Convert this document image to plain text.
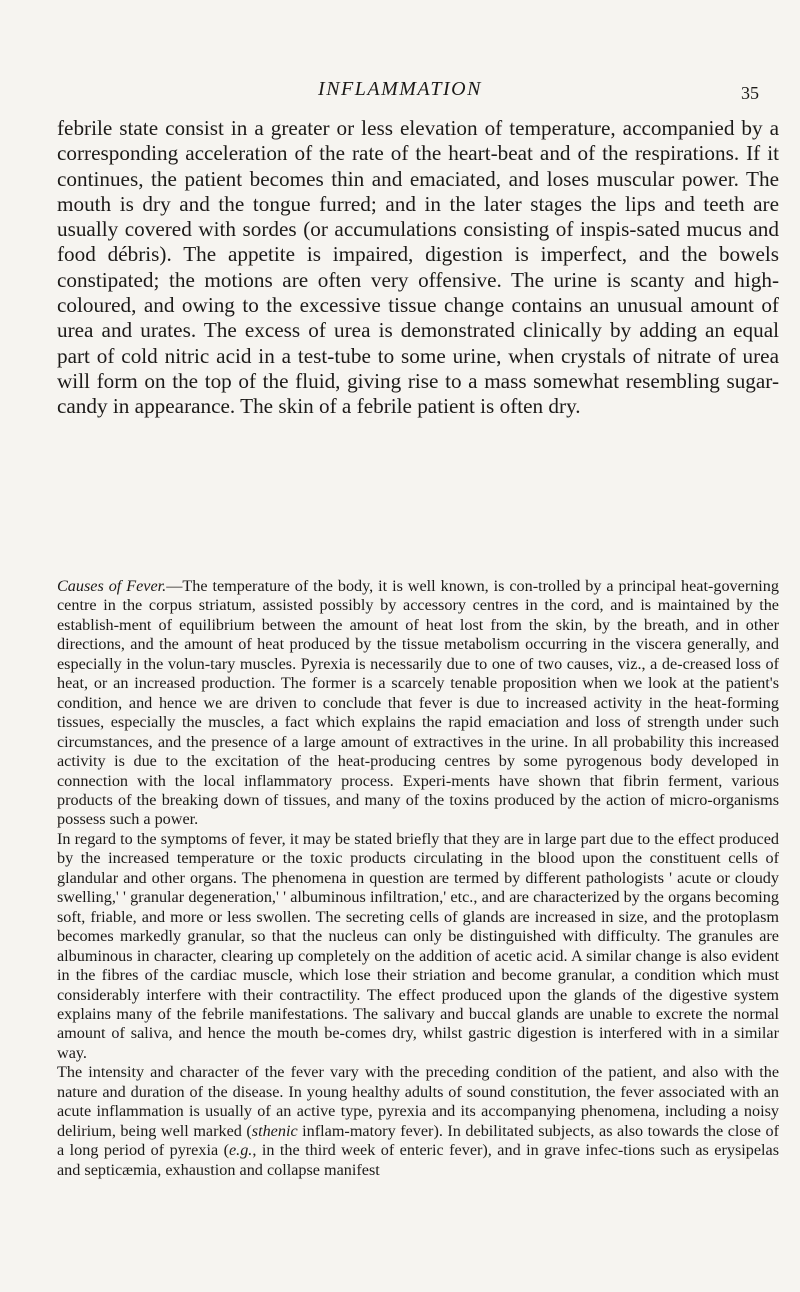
INFLAMMATION	35

febrile state consist in a greater or less elevation of temperature, accompanied by a corresponding acceleration of the rate of the heart-beat and of the respirations. If it continues, the patient becomes thin and emaciated, and loses muscular power. The mouth is dry and the tongue furred; and in the later stages the lips and teeth are usually covered with sordes (or accumulations consisting of inspis-sated mucus and food débris). The appetite is impaired, digestion is imperfect, and the bowels constipated; the motions are often very offensive. The urine is scanty and high-coloured, and owing to the excessive tissue change contains an unusual amount of urea and urates. The excess of urea is demonstrated clinically by adding an equal part of cold nitric acid in a test-tube to some urine, when crystals of nitrate of urea will form on the top of the fluid, giving rise to a mass somewhat resembling sugar-candy in appearance. The skin of a febrile patient is often dry.

Causes of Fever.—The temperature of the body, it is well known, is con-trolled by a principal heat-governing centre in the corpus striatum, assisted possibly by accessory centres in the cord, and is maintained by the establish-ment of equilibrium between the amount of heat lost from the skin, by the breath, and in other directions, and the amount of heat produced by the tissue metabolism occurring in the viscera generally, and especially in the volun-tary muscles. Pyrexia is necessarily due to one of two causes, viz., a de-creased loss of heat, or an increased production. The former is a scarcely tenable proposition when we look at the patient's condition, and hence we are driven to conclude that fever is due to increased activity in the heat-forming tissues, especially the muscles, a fact which explains the rapid emaciation and loss of strength under such circumstances, and the presence of a large amount of extractives in the urine. In all probability this increased activity is due to the excitation of the heat-producing centres by some pyrogenous body developed in connection with the local inflammatory process. Experi-ments have shown that fibrin ferment, various products of the breaking down of tissues, and many of the toxins produced by the action of micro-organisms possess such a power.

In regard to the symptoms of fever, it may be stated briefly that they are in large part due to the effect produced by the increased temperature or the toxic products circulating in the blood upon the constituent cells of glandular and other organs. The phenomena in question are termed by different pathologists ' acute or cloudy swelling,' ' granular degeneration,' ' albuminous infiltration,' etc., and are characterized by the organs becoming soft, friable, and more or less swollen. The secreting cells of glands are increased in size, and the protoplasm becomes markedly granular, so that the nucleus can only be distinguished with difficulty. The granules are albuminous in character, clearing up completely on the addition of acetic acid. A similar change is also evident in the fibres of the cardiac muscle, which lose their striation and become granular, a condition which must considerably interfere with their contractility. The effect produced upon the glands of the digestive system explains many of the febrile manifestations. The salivary and buccal glands are unable to excrete the normal amount of saliva, and hence the mouth be-comes dry, whilst gastric digestion is interfered with in a similar way.

The intensity and character of the fever vary with the preceding condition of the patient, and also with the nature and duration of the disease. In young healthy adults of sound constitution, the fever associated with an acute inflammation is usually of an active type, pyrexia and its accompanying phenomena, including a noisy delirium, being well marked (sthenic inflam-matory fever). In debilitated subjects, as also towards the close of a long period of pyrexia (e.g., in the third week of enteric fever), and in grave infec-tions such as erysipelas and septicæmia, exhaustion and collapse manifest
